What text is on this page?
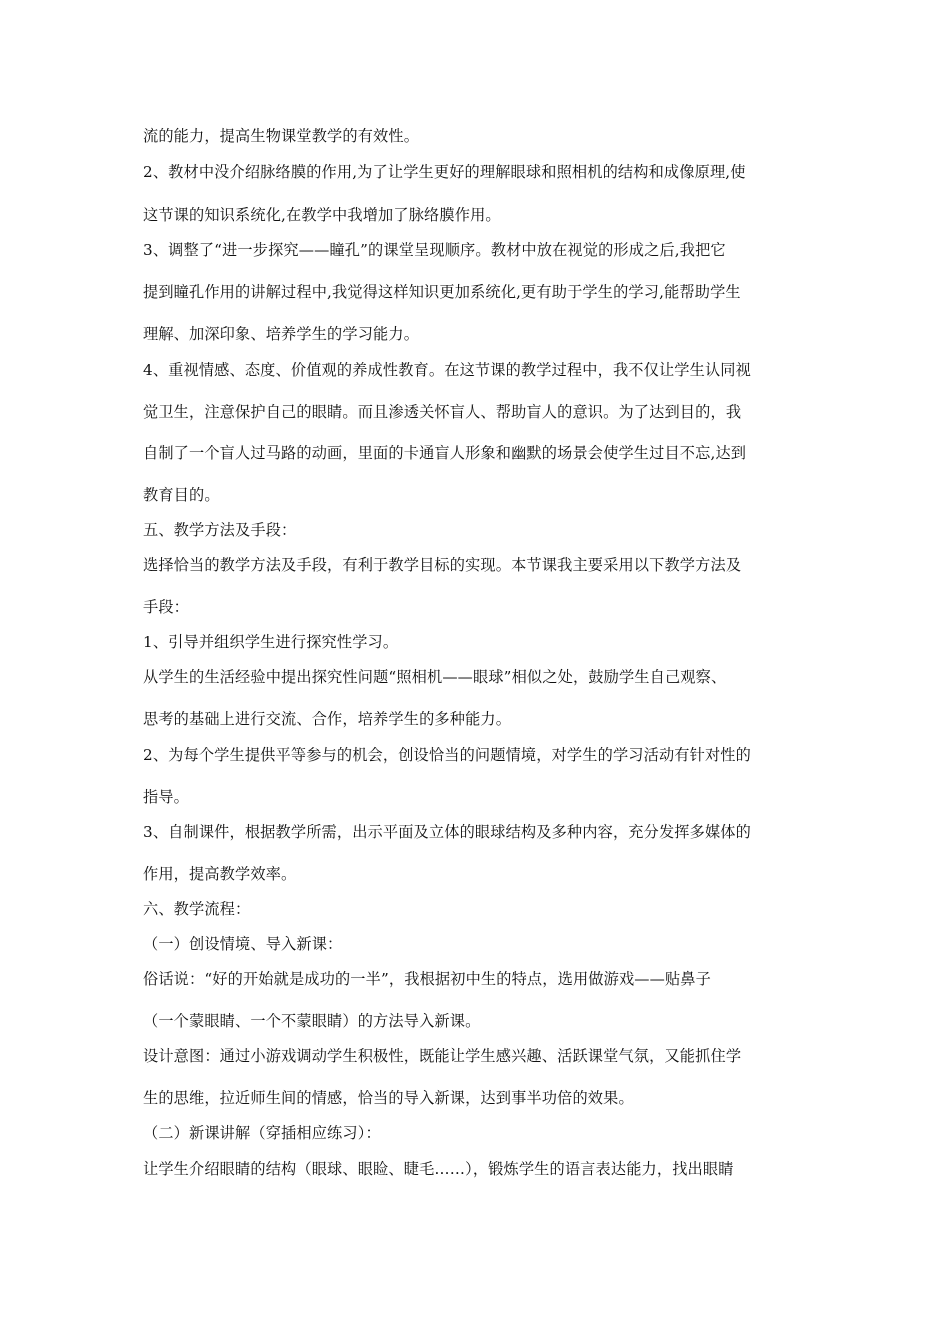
流的能力，提高生物课堂教学的有效性。
2、教材中没介绍脉络膜的作用,为了让学生更好的理解眼球和照相机的结构和成像原理,使
这节课的知识系统化,在教学中我增加了脉络膜作用。
3、调整了“进一步探究——瞳孔”的课堂呈现顺序。教材中放在视觉的形成之后,我把它
提到瞳孔作用的讲解过程中,我觉得这样知识更加系统化,更有助于学生的学习,能帮助学生
理解、加深印象、培养学生的学习能力。
4、重视情感、态度、价值观的养成性教育。在这节课的教学过程中，我不仅让学生认同视
觉卫生，注意保护自己的眼睛。而且渗透关怀盲人、帮助盲人的意识。为了达到目的，我
自制了一个盲人过马路的动画，里面的卡通盲人形象和幽默的场景会使学生过目不忘,达到
教育目的。
五、教学方法及手段：
选择恰当的教学方法及手段，有利于教学目标的实现。本节课我主要采用以下教学方法及
手段：
1、引导并组织学生进行探究性学习。
从学生的生活经验中提出探究性问题“照相机——眼球”相似之处，鼓励学生自己观察、
思考的基础上进行交流、合作，培养学生的多种能力。
2、为每个学生提供平等参与的机会，创设恰当的问题情境，对学生的学习活动有针对性的
指导。
3、自制课件，根据教学所需，出示平面及立体的眼球结构及多种内容，充分发挥多媒体的
作用，提高教学效率。
六、教学流程：
（一）创设情境、导入新课：
俗话说：“好的开始就是成功的一半”，我根据初中生的特点，选用做游戏——贴鼻子
（一个蒙眼睛、一个不蒙眼睛）的方法导入新课。
设计意图：通过小游戏调动学生积极性，既能让学生感兴趣、活跃课堂气氛，又能抓住学
生的思维，拉近师生间的情感，恰当的导入新课，达到事半功倍的效果。
（二）新课讲解（穿插相应练习）：
让学生介绍眼睛的结构（眼球、眼睑、睫毛……），锻炼学生的语言表达能力，找出眼睛
